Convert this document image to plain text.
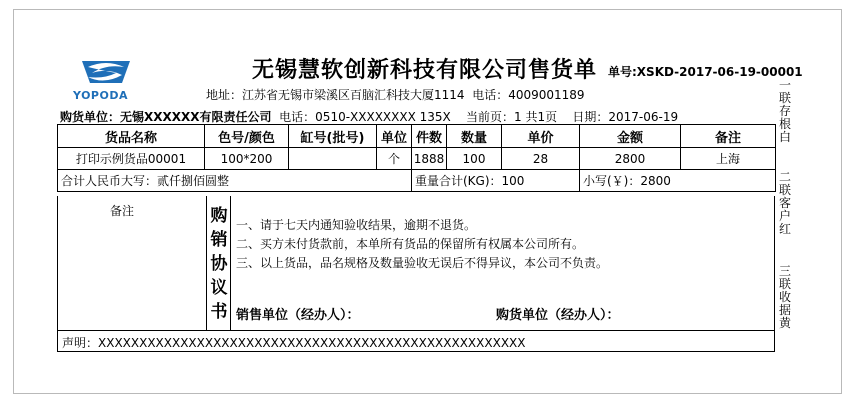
YOPODA
无锡慧软创新科技有限公司售货单 单号:XSKD-2017-06-19-00001
地址：江苏省无锡市梁溪区百脑汇科技大厦1114 电话：4009001189
购货单位：无锡XXXXXX有限责任公司 电话：0510-XXXXXXXX 135X 当前页：1 共1页 日期：2017-06-19
货品名称	色号/颜色	缸号(批号)	单位	件数	数量	单价	金额	备注
打印示例货品00001	100*200		个	1888	100	28	2800	上海
合计人民币大写：贰仟捌佰圆整				重量合计(KG)：100			小写(￥)：2800	
备注	购
销
协
议
书
一、请于七天内通知验收结果，逾期不退货。
二、买方未付货款前，本单所有货品的保留所有权属本公司所有。
三、以上货品，品名规格及数量验收无误后不得异议，本公司不负责。
销售单位（经办人）：	购货单位（经办人）：
声明：XXXXXXXXXXXXXXXXXXXXXXXXXXXXXXXXXXXXXXXXXXXXXXXXXXXX
一
联
存
根
白
二
联
客
户
红
三
联
收
据
黄
